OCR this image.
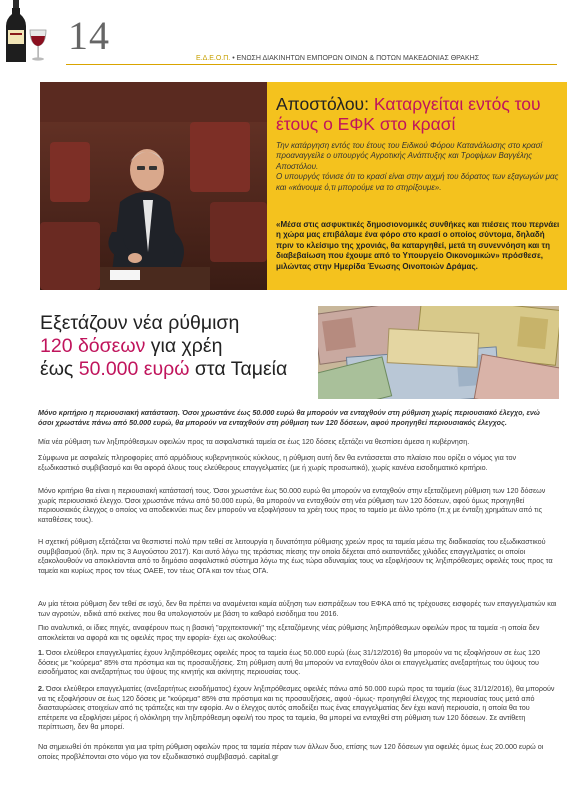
14
Ε.Δ.Ε.Ο.Π. • ΕΝΩΣΗ ΔΙΑΚΙΝΗΤΩΝ ΕΜΠΟΡΩΝ ΟΙΝΩΝ & ΠΟΤΩΝ ΜΑΚΕΔΟΝΙΑΣ ΘΡΑΚΗΣ
Αποστόλου: Καταργείται εντός του έτους ο ΕΦΚ στο κρασί
Την κατάργηση εντός του έτους του Ειδικού Φόρου Κατανάλωσης στο κρασί προαναγγείλε ο υπουργός Αγροτικής Ανάπτυξης και Τροφίμων Βαγγέλης Αποστόλου.
Ο υπουργός τόνισε ότι το κρασί είναι στην αιχμή του δόρατος των εξαγωγών μας και «κάνουμε ό,τι μπορούμε να το στηρίξουμε».
«Μέσα στις ασφυκτικές δημοσιονομικές συνθήκες και πιέσεις που περνάει η χώρα μας επιβάλαμε ένα φόρο στο κρασί ο οποίος σύντομα, δηλαδή πριν το κλείσιμο της χρονιάς, θα καταργηθεί, μετά τη συνεννόηση και τη διαβεβαίωση που έχουμε από το Υπουργείο Οικονομικών» πρόσθεσε, μιλώντας στην Ημερίδα Ένωσης Οινοποιών Δράμας.
Εξετάζουν νέα ρύθμιση
120 δόσεων για χρέη
έως 50.000 ευρώ στα Ταμεία

Μόνο κριτήριο η περιουσιακή κατάσταση. Όσοι χρωστάνε έως 50.000 ευρώ θα μπορούν να ενταχθούν στη ρύθμιση χωρίς περιουσιακό έλεγχο, ενώ όσοι χρωστάνε πάνω από 50.000 ευρώ, θα μπορούν να ενταχθούν στη ρύθμιση των 120 δόσεων, αφού προηγηθεί περιουσιακός έλεγχος.

Μία νέα ρύθμιση των ληξιπρόθεσμων οφειλών προς τα ασφαλιστικά ταμεία σε έως 120 δόσεις εξετάζει να θεσπίσει άμεσα η κυβέρνηση.

Σύμφωνα με ασφαλείς πληροφορίες από αρμόδιους κυβερνητικούς κύκλους, η ρύθμιση αυτή δεν θα εντάσσεται στο πλαίσιο που ορίζει ο νόμος για τον εξωδικαστικό συμβιβασμό και θα αφορά όλους τους ελεύθερους επαγγελματίες (με ή χωρίς προσωπικό), χωρίς κανένα εισοδηματικό κριτήριο.

Μόνο κριτήριο θα είναι η περιουσιακή κατάστασή τους. Όσοι χρωστάνε έως 50.000 ευρώ θα μπορούν να ενταχθούν στην εξεταζόμενη ρύθμιση των 120 δόσεων χωρίς περιουσιακό έλεγχο. Όσοι χρωστάνε πάνω από 50.000 ευρώ, θα μπορούν να ενταχθούν στη νέα ρύθμιση των 120 δόσεων, αφού όμως προηγηθεί περιουσιακός έλεγχος ο οποίος να αποδεικνύει πως δεν μπορούν να εξοφλήσουν τα χρέη τους προς το ταμείο με άλλο τρόπο (π.χ με ένταξη χρημάτων από τις καταθέσεις τους).

Η σχετική ρύθμιση εξετάζεται να θεσπιστεί πολύ πριν τεθεί σε λειτουργία η δυνατότητα ρύθμισης χρεών προς τα ταμεία μέσω της διαδικασίας του εξωδικαστικού συμβιβασμού (δηλ. πριν τις 3 Αυγούστου 2017). Και αυτό λόγω της τεράστιας πίεσης την οποία δέχεται από εκατοντάδες χιλιάδες επαγγελματίες οι οποίοι εξακολουθούν να αποκλείονται από το δημόσιο ασφαλιστικό σύστημα λόγω της έως τώρα αδυναμίας τους να εξοφλήσουν τις ληξιπρόθεσμες οφειλές τους προς τα ταμεία και κυρίως προς τον τέως ΟΑΕΕ, τον τέως ΟΓΑ και τον τέως ΟΓΑ.

Αν μία τέτοια ρύθμιση δεν τεθεί σε ισχύ, δεν θα πρέπει να αναμένεται καμία αύξηση των εισπράξεων του ΕΦΚΑ από τις τρέχουσες εισφορές των επαγγελματιών και των αγροτών, ειδικά από εκείνες που θα υπολογιστούν με βάση το καθαρό εισόδημα του 2016.

Πιο αναλυτικά, οι ίδιες πηγές, αναφέρουν πως η βασική "αρχιτεκτονική" της εξεταζόμενης νέας ρύθμισης ληξιπρόθεσμων οφειλών προς τα ταμεία -η οποία δεν αποκλείεται να αφορά και τις οφειλές προς την εφορία- έχει ως ακολούθως:

1. Όσοι ελεύθεροι επαγγελματίες έχουν ληξιπρόθεσμες οφειλές προς τα ταμεία έως 50.000 ευρώ (έως 31/12/2016) θα μπορούν να τις εξοφλήσουν σε έως 120 δόσεις με "κούρεμα" 85% στα πρόστιμα και τις προσαυξήσεις. Στη ρύθμιση αυτή θα μπορούν να ενταχθούν όλοι οι επαγγελματίες ανεξαρτήτως του ύψους του εισοδήματος και ανεξαρτήτως του ύψους της κινητής και ακίνητης περιουσίας τους.

2. Όσοι ελεύθεροι επαγγελματίες (ανεξαρτήτως εισοδήματος) έχουν ληξιπρόθεσμες οφειλές πάνω από 50.000 ευρώ προς τα ταμεία (έως 31/12/2016), θα μπορούν να τις εξοφλήσουν σε έως 120 δόσεις με "κούρεμα" 85% στα πρόστιμα και τις προσαυξήσεις, αφού -όμως- προηγηθεί έλεγχος της περιουσίας τους μετά από διασταυρώσεις στοιχείων από τις τράπεζες και την εφορία. Αν ο έλεγχος αυτός αποδείξει πως ένας επαγγελματίας δεν έχει ικανή περιουσία, η οποία θα του επέτρεπε να εξοφλήσει μέρος ή ολόκληρη την ληξιπρόθεσμη οφειλή του προς τα ταμεία, θα μπορεί να ενταχθεί στη ρύθμιση των 120 δόσεων. Σε αντίθετη περίπτωση, δεν θα μπορεί.

Να σημειωθεί ότι πρόκειται για μια τρίτη ρύθμιση οφειλών προς τα ταμεία πέραν των άλλων δυο, επίσης των 120 δόσεων για οφειλές όμως έως 20.000 ευρώ οι οποίες προβλέπονται στο νόμο για τον εξωδικαστικό συμβιβασμό. capital.gr
